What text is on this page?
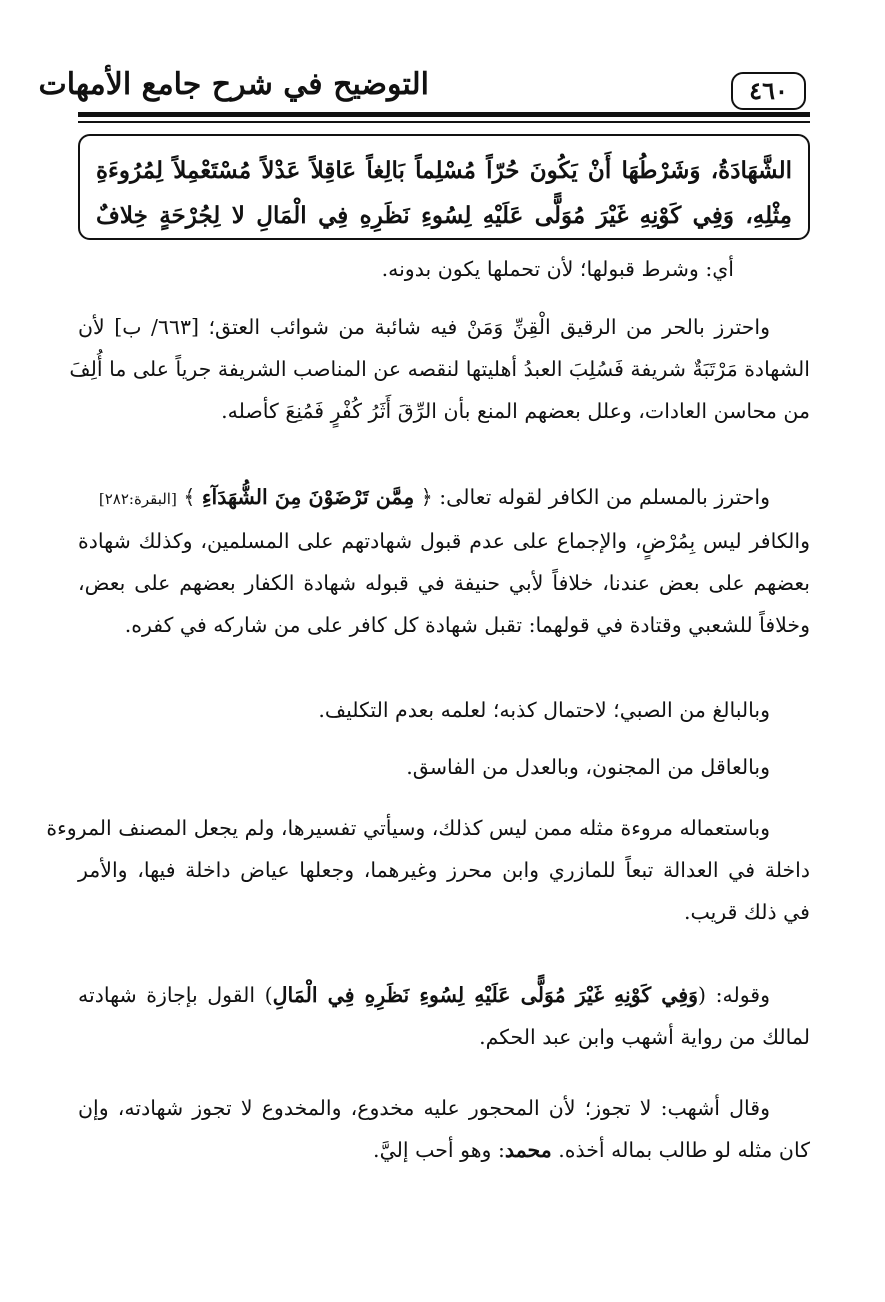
التوضيح في شرح جامع الأمهات	٤٦٠

الشَّهَادَةُ، وَشَرْطُهَا أَنْ يَكُونَ حُرّاً مُسْلِماً بَالِغاً عَاقِلاً عَدْلاً مُسْتَعْمِلاً لِمُرُوءَةِ

مِثْلِهِ، وَفِي كَوْنِهِ غَيْرَ مُوَلًّى عَلَيْهِ لِسُوءِ نَظَرِهِ فِي الْمَالِ لا لِجُرْحَةٍ خِلافٌ

أي: وشرط قبولها؛ لأن تحملها يكون بدونه.

واحترز بالحر من الرقيق الْقِنِّ وَمَنْ فيه شائبة من شوائب العتق؛ [٦٦٣/ ب] لأن

الشهادة مَرْتَبَةٌ شريفة فَسُلِبَ العبدُ أهليتها لنقصه عن المناصب الشريفة جرياً على ما أُلِفَ

من محاسن العادات، وعلل بعضهم المنع بأن الرِّقَ أَثَرُ كُفْرٍ فَمُنِعَ كأصله.

واحترز بالمسلم من الكافر لقوله تعالى: ﴿ مِمَّن تَرْضَوْنَ مِنَ الشُّهَدَآءِ ﴾ [البقرة:٢٨٢]

والكافر ليس بِمُرْضٍ، والإجماع على عدم قبول شهادتهم على المسلمين، وكذلك شهادة

بعضهم على بعض عندنا، خلافاً لأبي حنيفة في قبوله شهادة الكفار بعضهم على بعض،

وخلافاً للشعبي وقتادة في قولهما: تقبل شهادة كل كافر على من شاركه في كفره.

وبالبالغ من الصبي؛ لاحتمال كذبه؛ لعلمه بعدم التكليف.

وبالعاقل من المجنون، وبالعدل من الفاسق.

وباستعماله مروءة مثله ممن ليس كذلك، وسيأتي تفسيرها، ولم يجعل المصنف المروءة

داخلة في العدالة تبعاً للمازري وابن محرز وغيرهما، وجعلها عياض داخلة فيها، والأمر

في ذلك قريب.

وقوله: (وَفِي كَوْنِهِ غَيْرَ مُوَلًّى عَلَيْهِ لِسُوءِ نَظَرِهِ فِي الْمَالِ) القول بإجازة شهادته

لمالك من رواية أشهب وابن عبد الحكم.

وقال أشهب: لا تجوز؛ لأن المحجور عليه مخدوع، والمخدوع لا تجوز شهادته، وإن

كان مثله لو طالب بماله أخذه. محمد: وهو أحب إليَّ.
